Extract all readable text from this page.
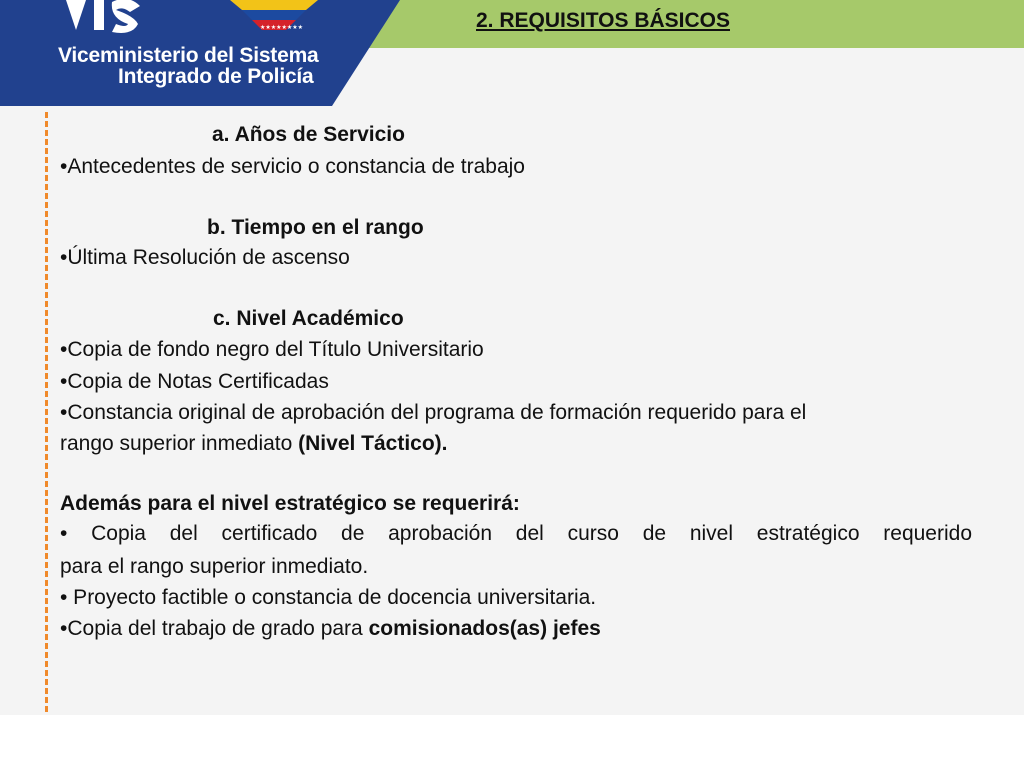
2. REQUISITOS BÁSICOS
★★★★★★★★
Viceministerio del Sistema
Integrado de Policía
a. Años de Servicio
•Antecedentes de servicio o constancia de trabajo
b. Tiempo en el rango
•Última Resolución de ascenso
c. Nivel Académico
•Copia de fondo negro del Título Universitario
•Copia de Notas Certificadas
•Constancia original de aprobación del programa de formación requerido para el
rango superior inmediato (Nivel Táctico).
Además para el nivel estratégico se requerirá:
• Copia del certificado de aprobación del curso de nivel estratégico requerido
para el rango superior inmediato.
• Proyecto factible o constancia de docencia universitaria.
•Copia del trabajo de grado para comisionados(as) jefes
